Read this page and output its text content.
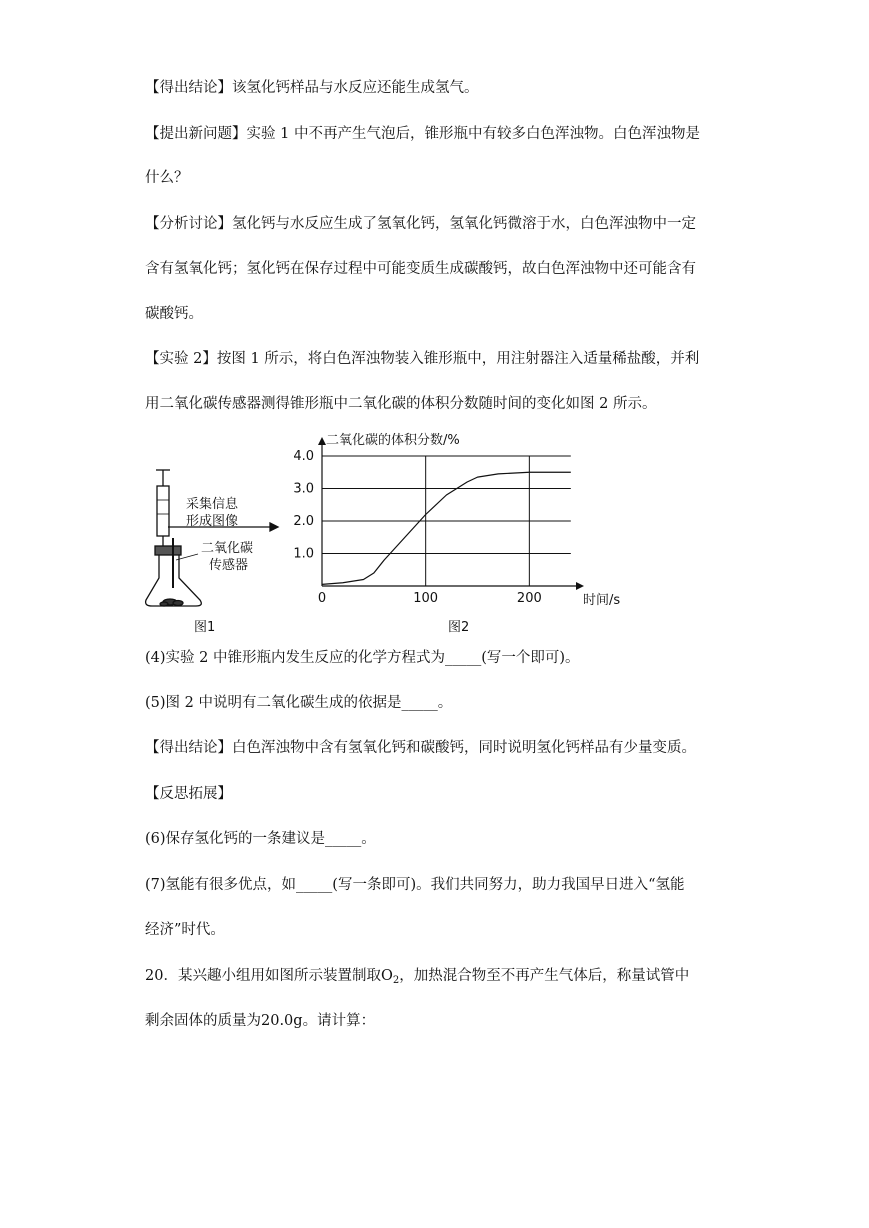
【得出结论】该氢化钙样品与水反应还能生成氢气。
【提出新问题】实验 1 中不再产生气泡后，锥形瓶中有较多白色浑浊物。白色浑浊物是
什么？
【分析讨论】氢化钙与水反应生成了氢氧化钙，氢氧化钙微溶于水，白色浑浊物中一定
含有氢氧化钙；氢化钙在保存过程中可能变质生成碳酸钙，故白色浑浊物中还可能含有
碳酸钙。
【实验 2】按图 1 所示，将白色浑浊物装入锥形瓶中，用注射器注入适量稀盐酸，并利
用二氧化碳传感器测得锥形瓶中二氧化碳的体积分数随时间的变化如图 2 所示。
采集信息
形成图像
二氧化碳
传感器
图1
1.0
2.0
3.0
4.0
0	100	200
二氧化碳的体积分数/%
时间/s
图2
(4)实验 2 中锥形瓶内发生反应的化学方程式为_____(写一个即可)。
(5)图 2 中说明有二氧化碳生成的依据是_____。
【得出结论】白色浑浊物中含有氢氧化钙和碳酸钙，同时说明氢化钙样品有少量变质。
【反思拓展】
(6)保存氢化钙的一条建议是_____。
(7)氢能有很多优点，如_____(写一条即可)。我们共同努力，助力我国早日进入“氢能
经济”时代。
20．某兴趣小组用如图所示装置制取$O_2$，加热混合物至不再产生气体后，称量试管中
剩余固体的质量为20.0g。请计算：
